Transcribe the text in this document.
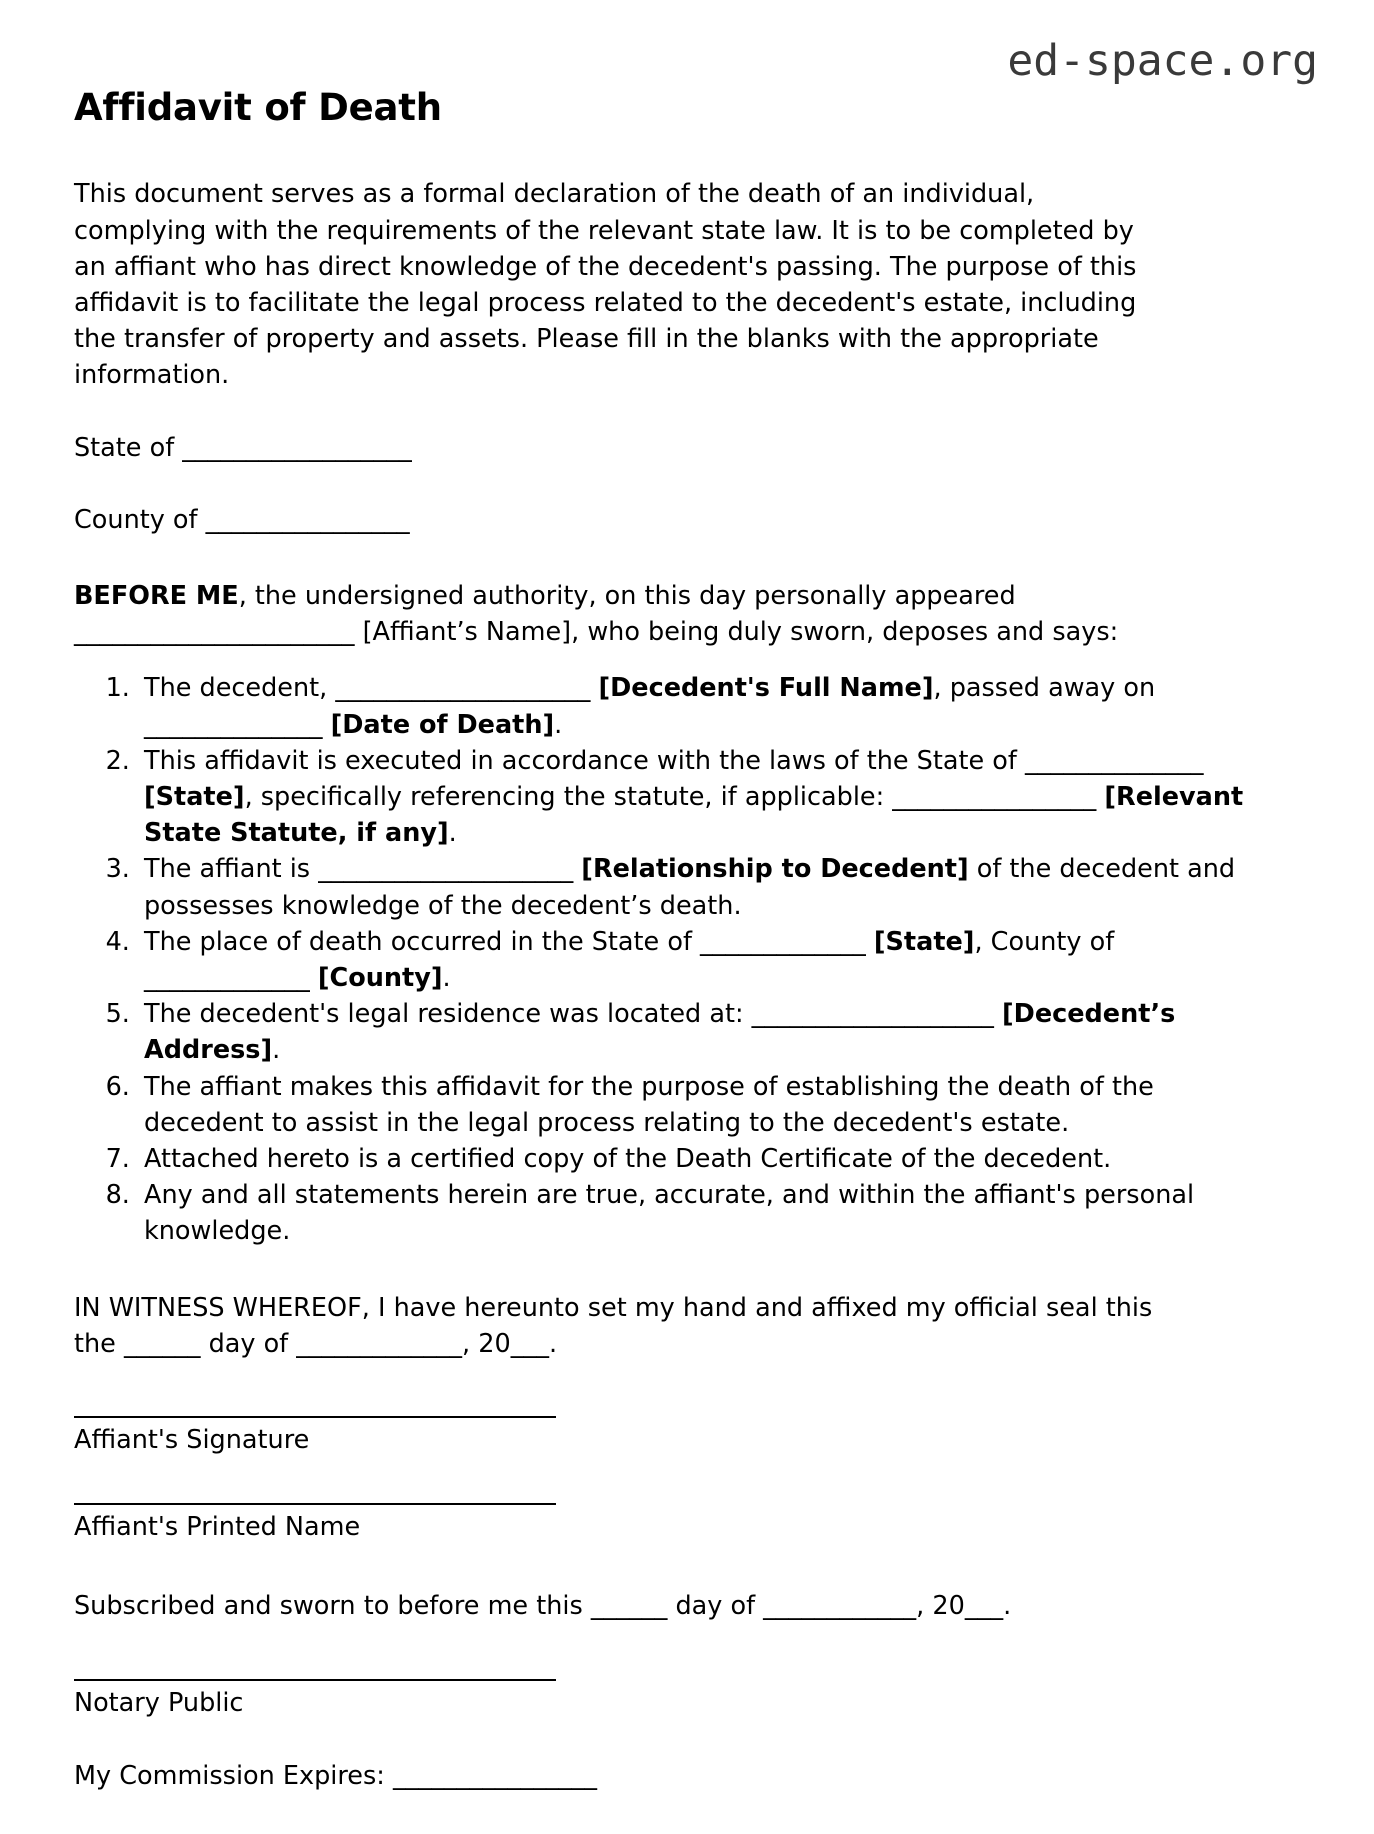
ed-space.org
Affidavit of Death

This document serves as a formal declaration of the death of an individual, complying with the requirements of the relevant state law. It is to be completed by an affiant who has direct knowledge of the decedent's passing. The purpose of this affidavit is to facilitate the legal process related to the decedent's estate, including the transfer of property and assets. Please fill in the blanks with the appropriate information.

State of __________________

County of ________________

BEFORE ME, the undersigned authority, on this day personally appeared
______________________ [Affiant’s Name], who being duly sworn, deposes and says:

1. The decedent, ____________________ [Decedent's Full Name], passed away on ______________ [Date of Death].
2. This affidavit is executed in accordance with the laws of the State of ______________ [State], specifically referencing the statute, if applicable: ________________ [Relevant State Statute, if any].
3. The affiant is ____________________ [Relationship to Decedent] of the decedent and possesses knowledge of the decedent’s death.
4. The place of death occurred in the State of _____________ [State], County of _____________ [County].
5. The decedent's legal residence was located at: ___________________ [Decedent’s Address].
6. The affiant makes this affidavit for the purpose of establishing the death of the decedent to assist in the legal process relating to the decedent's estate.
7. Attached hereto is a certified copy of the Death Certificate of the decedent.
8. Any and all statements herein are true, accurate, and within the affiant's personal knowledge.

IN WITNESS WHEREOF, I have hereunto set my hand and affixed my official seal this the ______ day of _____________, 20___.

Affiant's Signature
Affiant's Printed Name

Subscribed and sworn to before me this ______ day of ____________, 20___.

Notary Public

My Commission Expires: ________________
